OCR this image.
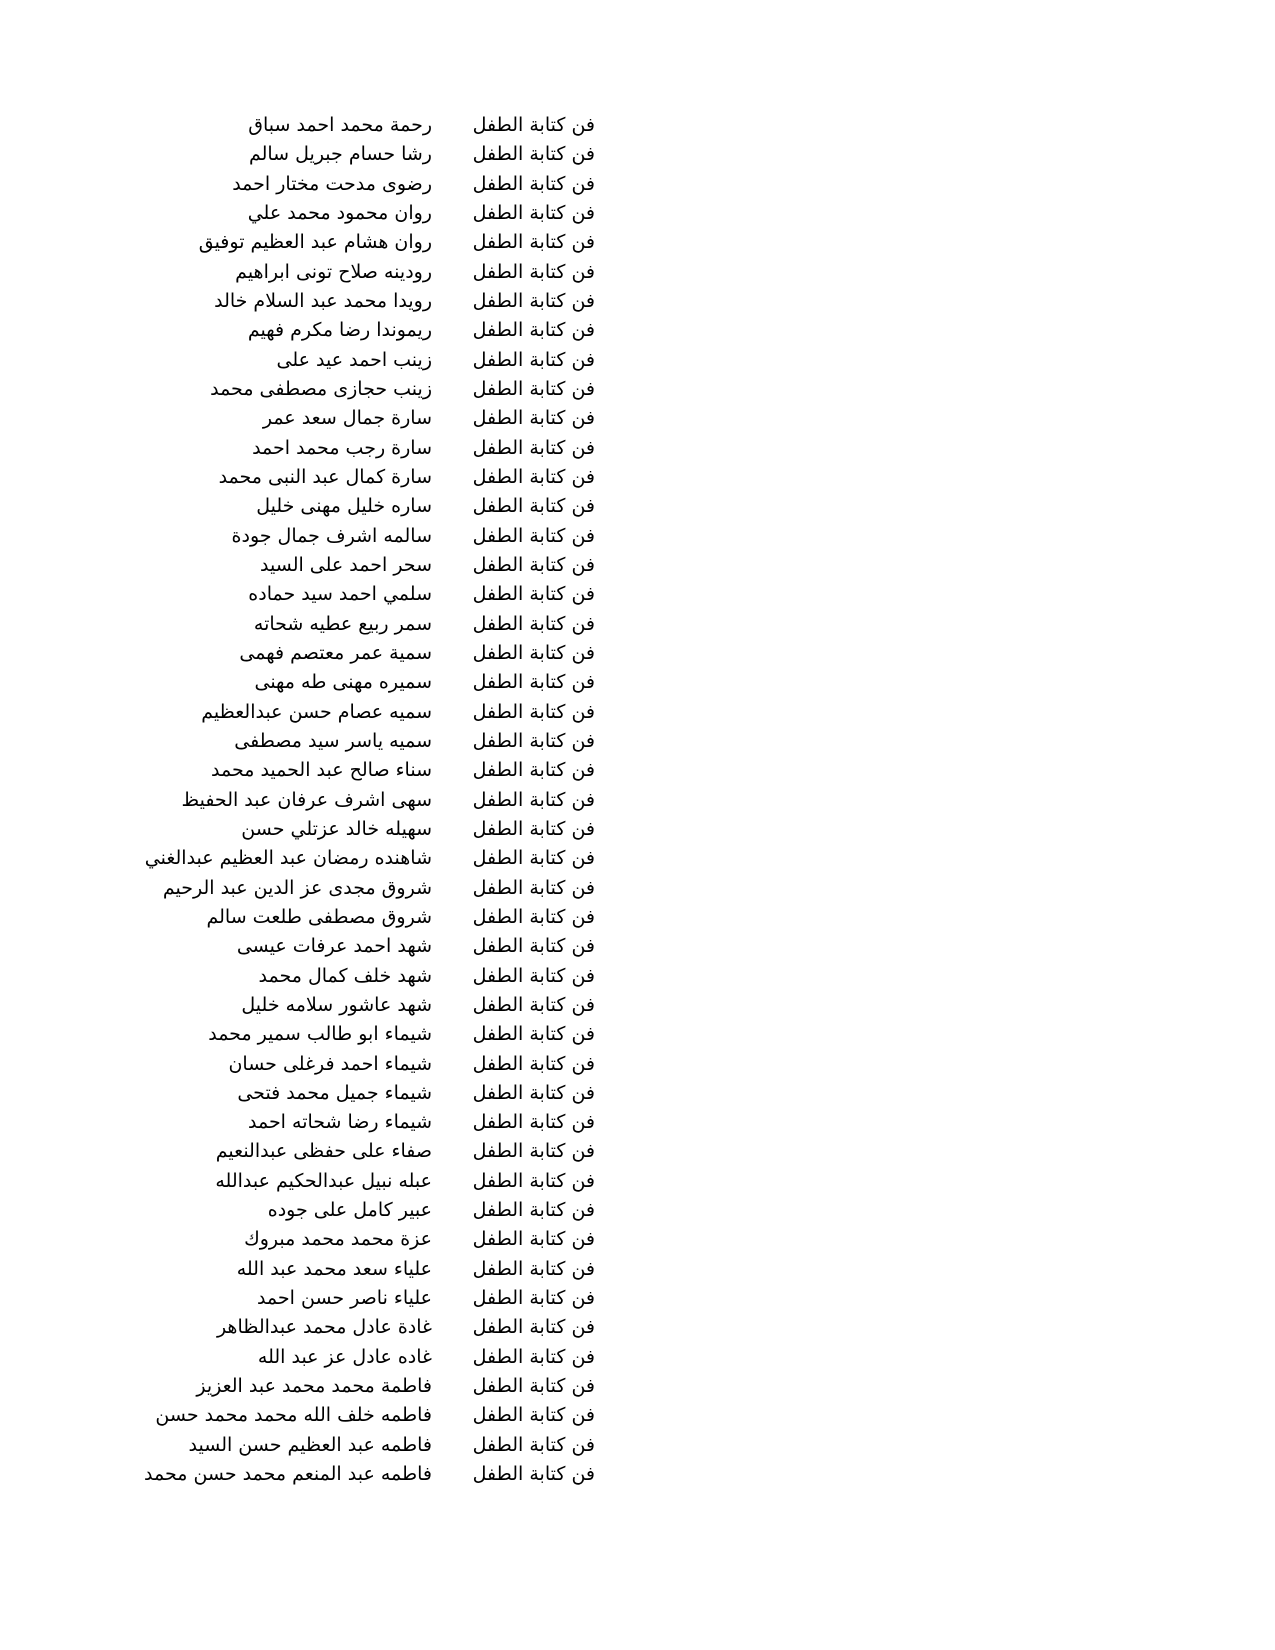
فن كتابة الطفل
رحمة محمد احمد سباق
فن كتابة الطفل
رشا حسام جبريل سالم
فن كتابة الطفل
رضوى مدحت مختار احمد
فن كتابة الطفل
روان محمود محمد علي
فن كتابة الطفل
روان هشام عبد العظيم توفيق
فن كتابة الطفل
رودينه صلاح تونى ابراهيم
فن كتابة الطفل
رويدا محمد عبد السلام خالد
فن كتابة الطفل
ريموندا رضا مكرم فهيم
فن كتابة الطفل
زينب احمد عيد على
فن كتابة الطفل
زينب حجازى مصطفى محمد
فن كتابة الطفل
سارة جمال سعد عمر
فن كتابة الطفل
سارة رجب محمد احمد
فن كتابة الطفل
سارة كمال عبد النبى محمد
فن كتابة الطفل
ساره خليل مهنى خليل
فن كتابة الطفل
سالمه اشرف جمال جودة
فن كتابة الطفل
سحر احمد على السيد
فن كتابة الطفل
سلمي احمد سيد حماده
فن كتابة الطفل
سمر ربيع عطيه شحاته
فن كتابة الطفل
سمية عمر معتصم فهمى
فن كتابة الطفل
سميره مهنى طه مهنى
فن كتابة الطفل
سميه عصام حسن عبدالعظيم
فن كتابة الطفل
سميه ياسر سيد مصطفى
فن كتابة الطفل
سناء صالح عبد الحميد محمد
فن كتابة الطفل
سهى اشرف عرفان عبد الحفيظ
فن كتابة الطفل
سهيله خالد عزتلي حسن
فن كتابة الطفل
شاهنده رمضان عبد العظيم عبدالغني
فن كتابة الطفل
شروق مجدى عز الدين عبد الرحيم
فن كتابة الطفل
شروق مصطفى طلعت سالم
فن كتابة الطفل
شهد احمد عرفات عيسى
فن كتابة الطفل
شهد خلف كمال محمد
فن كتابة الطفل
شهد عاشور سلامه خليل
فن كتابة الطفل
شيماء ابو طالب سمير محمد
فن كتابة الطفل
شيماء احمد فرغلى حسان
فن كتابة الطفل
شيماء جميل محمد فتحى
فن كتابة الطفل
شيماء رضا شحاته احمد
فن كتابة الطفل
صفاء على حفظى عبدالنعيم
فن كتابة الطفل
عبله نبيل عبدالحكيم عبدالله
فن كتابة الطفل
عبير كامل على جوده
فن كتابة الطفل
عزة محمد محمد مبروك
فن كتابة الطفل
علياء سعد محمد عبد الله
فن كتابة الطفل
علياء ناصر حسن احمد
فن كتابة الطفل
غادة عادل محمد عبدالظاهر
فن كتابة الطفل
غاده عادل عز عبد الله
فن كتابة الطفل
فاطمة محمد محمد عبد العزيز
فن كتابة الطفل
فاطمه خلف الله محمد محمد حسن
فن كتابة الطفل
فاطمه عبد العظيم حسن السيد
فن كتابة الطفل
فاطمه عبد المنعم محمد حسن محمد
